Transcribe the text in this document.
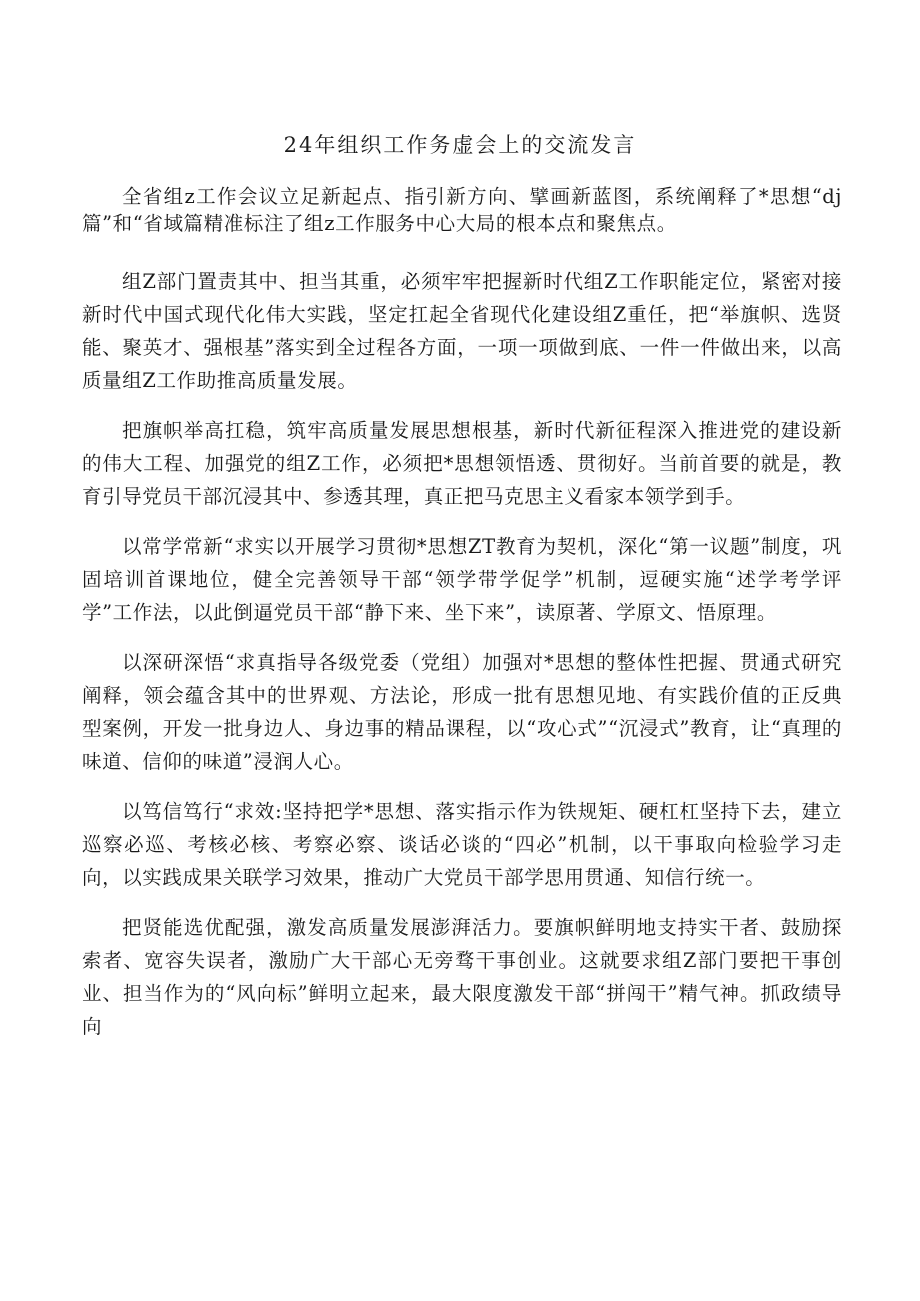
24年组织工作务虚会上的交流发言

全省组z工作会议立足新起点、指引新方向、擘画新蓝图，系统阐释了*思想“dj篇”和“省域篇精准标注了组z工作服务中心大局的根本点和聚焦点。

组Z部门置责其中、担当其重，必须牢牢把握新时代组Z工作职能定位，紧密对接新时代中国式现代化伟大实践，坚定扛起全省现代化建设组Z重任，把“举旗帜、选贤能、聚英才、强根基”落实到全过程各方面，一项一项做到底、一件一件做出来，以高质量组Z工作助推高质量发展。

把旗帜举高扛稳，筑牢高质量发展思想根基，新时代新征程深入推进党的建设新的伟大工程、加强党的组Z工作，必须把*思想领悟透、贯彻好。当前首要的就是，教育引导党员干部沉浸其中、参透其理，真正把马克思主义看家本领学到手。

以常学常新“求实以开展学习贯彻*思想ZT教育为契机，深化“第一议题”制度，巩固培训首课地位，健全完善领导干部“领学带学促学”机制，逗硬实施“述学考学评学”工作法，以此倒逼党员干部“静下来、坐下来”，读原著、学原文、悟原理。

以深研深悟“求真指导各级党委（党组）加强对*思想的整体性把握、贯通式研究阐释，领会蕴含其中的世界观、方法论，形成一批有思想见地、有实践价值的正反典型案例，开发一批身边人、身边事的精品课程，以“攻心式”“沉浸式”教育，让“真理的味道、信仰的味道”浸润人心。

以笃信笃行“求效:坚持把学*思想、落实指示作为铁规矩、硬杠杠坚持下去，建立巡察必巡、考核必核、考察必察、谈话必谈的“四必”机制，以干事取向检验学习走向，以实践成果关联学习效果，推动广大党员干部学思用贯通、知信行统一。

把贤能选优配强，激发高质量发展澎湃活力。要旗帜鲜明地支持实干者、鼓励探索者、宽容失误者，激励广大干部心无旁骛干事创业。这就要求组Z部门要把干事创业、担当作为的“风向标”鲜明立起来，最大限度激发干部“拼闯干”精气神。抓政绩导向
